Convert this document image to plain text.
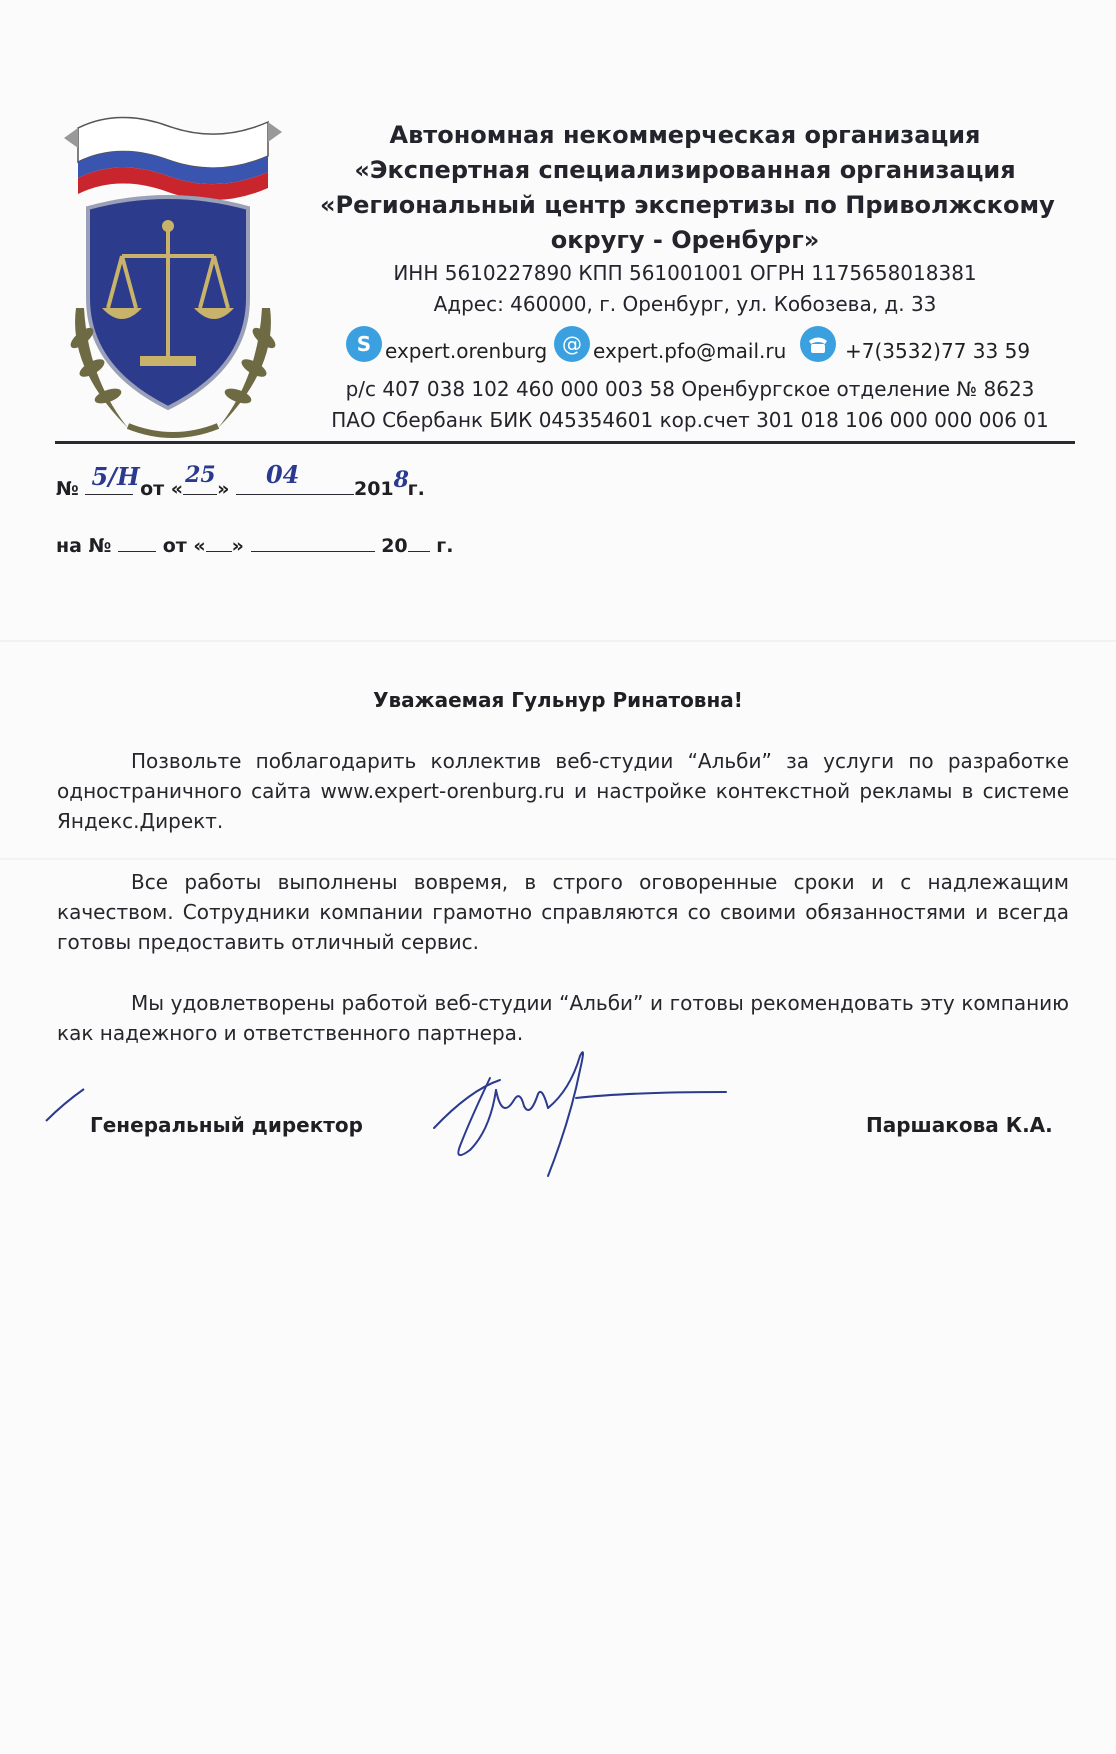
Автономная некоммерческая организация
«Экспертная специализированная организация
«Региональный центр экспертизы по Приволжскому
округу - Оренбург»
ИНН 5610227890 КПП 561001001 ОГРН 1175658018381
Адрес: 460000, г. Оренбург, ул. Кобозева, д. 33
S expert.orenburg @ expert.pfo@mail.ru	+7(3532)77 33 59
р/с 407 038 102 460 000 003 58 Оренбургское отделение № 8623
ПАО Сбербанк БИК 045354601 кор.счет 301 018 106 000 000 006 01
№ 5/Н от «
25
» 04	201 8
г.
на №	от « »	20 г.
Уважаемая Гульнур Ринатовна!
Позвольте поблагодарить коллектив веб-студии “Альби” за услуги по разработке одностраничного сайта www.expert-orenburg.ru и настройке контекстной рекламы в системе Яндекс.Директ.
Все работы выполнены вовремя, в строго оговоренные сроки и с надлежащим качеством. Сотрудники компании грамотно справляются со своими обязанностями и всегда готовы предоставить отличный сервис.
Мы удовлетворены работой веб-студии “Альби” и готовы рекомендовать эту компанию как надежного и ответственного партнера.
Генеральный директор	Паршакова К.А.
